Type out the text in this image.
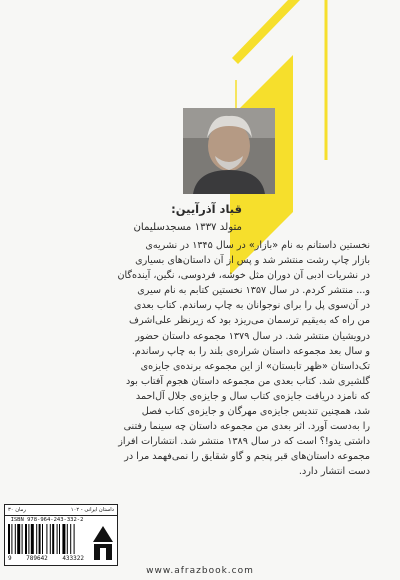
قباد آذرآیین:
متولد ۱۳۳۷ مسجدسلیمان

نخستین داستانم به نام «بازار» در سال ۱۳۴۵ در نشریه‌ی

بازار چاپ رشت منتشر شد و پس از آن داستان‌های بسیاری

در نشریات ادبی آن دوران مثل خوشه، فردوسی، نگین، آینده‌گان

و... منتشر کردم. در سال ۱۳۵۷ نخستین کتابم به نام سیری

در آن‌سوی پل را برای نوجوانان به چاپ رساندم. کتاب بعدی

من راه که به‌یقیم ترسمان می‌ریزد بود که زیرنظر علی‌اشرف

درویشیان منتشر شد. در سال ۱۳۷۹ مجموعه داستان حضور

و سال بعد مجموعه داستان شراره‌ی بلند را به چاپ رساندم.

تک‌داستان «ظهر تابستان» از این مجموعه برنده‌ی جایزه‌ی

گلشیری شد. کتاب بعدی من مجموعه داستان هجوم آفتاب بود

که نامزد دریافت جایزه‌ی کتاب سال و جایزه‌ی جلال آل‌احمد

شد، همچنین تندیس جایزه‌ی مهرگان و جایزه‌ی کتاب فصل

را به‌دست آورد. اثر بعدی من مجموعه داستان چه سینما رفتنی

داشتی یدو!؟ است که در سال ۱۳۸۹ منتشر شد. انتشارات افراز

مجموعه داستان‌های قبر پنجم و گاو شقایق را نمی‌فهمد مرا در

دست انتشار دارد.

داستان ایرانی - ۱۰۲
رمان ۳۰
ISBN 978-964-243-332-2
9 789642 433322
www.afrazbook.com
